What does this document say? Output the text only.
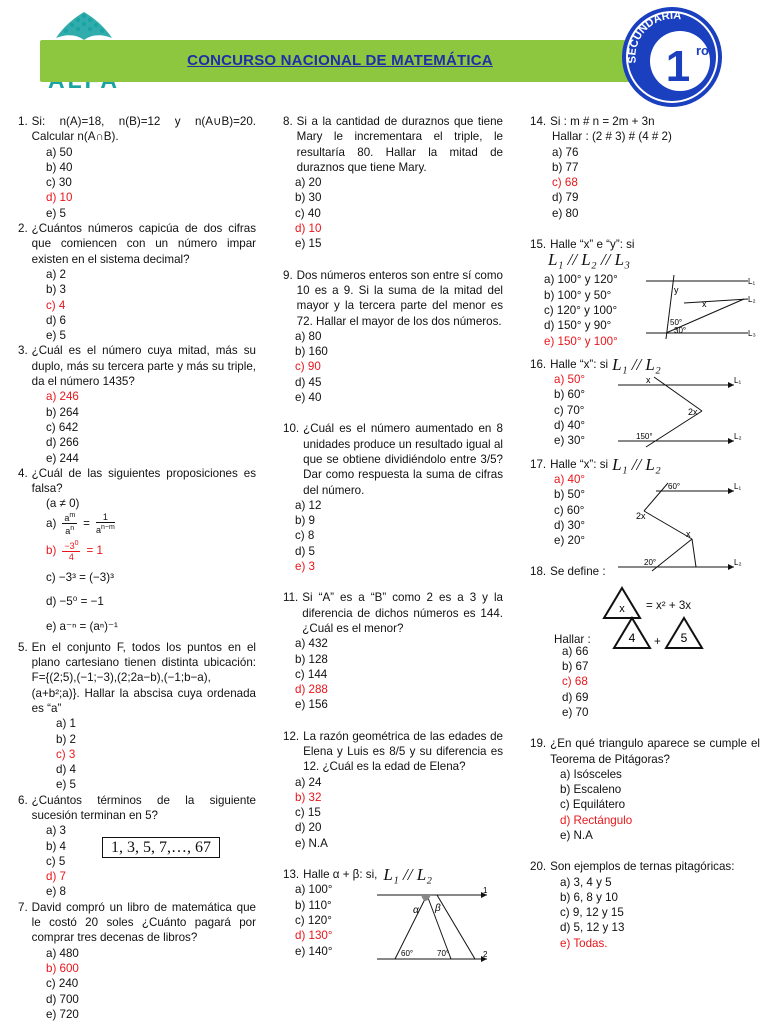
CONCURSO NACIONAL DE MATEMÁTICA	SECUNDARIA
1 ro
1. Si: n(A)=18, n(B)=12 y n(A∪B)=20. Calcular n(A∩B).
a) 50
b) 40
c) 30
d) 10
e) 5
2. ¿Cuántos números capicúa de dos cifras que comiencen con un número impar existen en el sistema decimal?
a) 2
b) 3
c) 4
d) 6
e) 5
3. ¿Cuál es el número cuya mitad, más su duplo, más su tercera parte y más su triple, da el número 1435?
a) 246
b) 264
c) 642
d) 266
e) 244
4. ¿Cuál de las siguientes proposiciones es falsa?
(a ≠ 0)
$a) \frac{a^m}{a^n} = \frac{1}{a^{n-m}}$
$b) \frac{-3^0}{4} = 1$
c) −3³ = (−3)³
d) −5⁰ = −1
e) a⁻ⁿ = (aⁿ)⁻¹
5. En el conjunto F, todos los puntos en el plano cartesiano tienen distinta ubicación: F={(2;5),(−1;−3),(2;2a−b),(−1;b−a),(a+b²;a)}. Hallar la abscisa cuya ordenada es “a”
a) 1
b) 2
c) 3
d) 4
e) 5
6. ¿Cuántos términos de la siguiente sucesión terminan en 5?
a) 3
b) 4
c) 5
d) 7
e) 8
1, 3, 5, 7,…, 67
7. David compró un libro de matemática que le costó 20 soles ¿Cuánto pagará por comprar tres decenas de libros?
a) 480
b) 600
c) 240
d) 700
e) 720
8. Si a la cantidad de duraznos que tiene Mary le incrementara el triple, le resultaría 80. Hallar la mitad de duraznos que tiene Mary.
a) 20
b) 30
c) 40
d) 10
e) 15
9. Dos números enteros son entre sí como 10 es a 9. Si la suma de la mitad del mayor y la tercera parte del menor es 72. Hallar el mayor de los dos números.
a) 80
b) 160
c) 90
d) 45
e) 40
10. ¿Cuál es el número aumentado en 8 unidades produce un resultado igual al que se obtiene dividiéndolo entre 3/5? Dar como respuesta la suma de cifras del número.
a) 12
b) 9
c) 8
d) 5
e) 3
11. Si “A” es a “B” como 2 es a 3 y la diferencia de dichos números es 144. ¿Cuál es el menor?
a) 432
b) 128
c) 144
d) 288
e) 156
12. La razón geométrica de las edades de Elena y Luis es 8/5 y su diferencia es 12. ¿Cuál es la edad de Elena?
a) 24
b) 32
c) 15
d) 20
e) N.A
13. Halle α + β: si, L₁ // L₂
a) 100°
b) 110°
c) 120°
d) 130°
e) 140°
α β
60°	70°
1
2
14. Si : m # n = 2m + 3n
Hallar : (2 # 3) # (4 # 2)
a) 76
b) 77
c) 68
d) 79
e) 80
15. Halle “x” e “y”: si
L₁ // L₂ // L₃
a) 100° y 120°
b) 100° y 50°
c) 120° y 100°
d) 150° y 90°
e) 150° y 100°
y
x
50°
30°
L₁
L₂
L₃
16. Halle “x”: si L₁ // L₂
a) 50°
b) 60°
c) 70°
d) 40°
e) 30°
x
2x
150°
L₁
L₂
17. Halle “x”: si L₁ // L₂
a) 40°
b) 50°
c) 60°
d) 30°
e) 20°
60°
2x
x
20°
L₁
L₂
18. Se define :
x = x² + 3x
Hallar :	4 + 5
a) 66
b) 67
c) 68
d) 69
e) 70
19. ¿En qué triangulo aparece se cumple el Teorema de Pitágoras?
a) Isósceles
b) Escaleno
c) Equilátero
d) Rectángulo
e) N.A
20. Son ejemplos de ternas pitagóricas:
a) 3, 4 y 5
b) 6, 8 y 10
c) 9, 12 y 15
d) 5, 12 y 13
e) Todas.
